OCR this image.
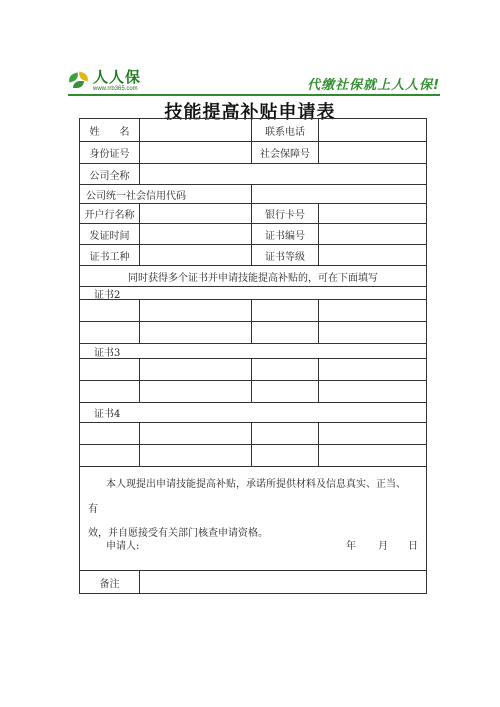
人人保
www.rrb365.com	代缴社保就上人人保!
技能提高补贴申请表
姓　　名	联系电话
身份证号	社会保障号
公司全称
公司统一社会信用代码
开户行名称	银行卡号
发证时间	证书编号
证书工种	证书等级
同时获得多个证书并申请技能提高补贴的，可在下面填写
证书2
证书3
证书4

本人现提出申请技能提高补贴，承诺所提供材料及信息真实、正当、有

效，并自愿接受有关部门核查申请资格。

申请人:	年 月 日
备注
